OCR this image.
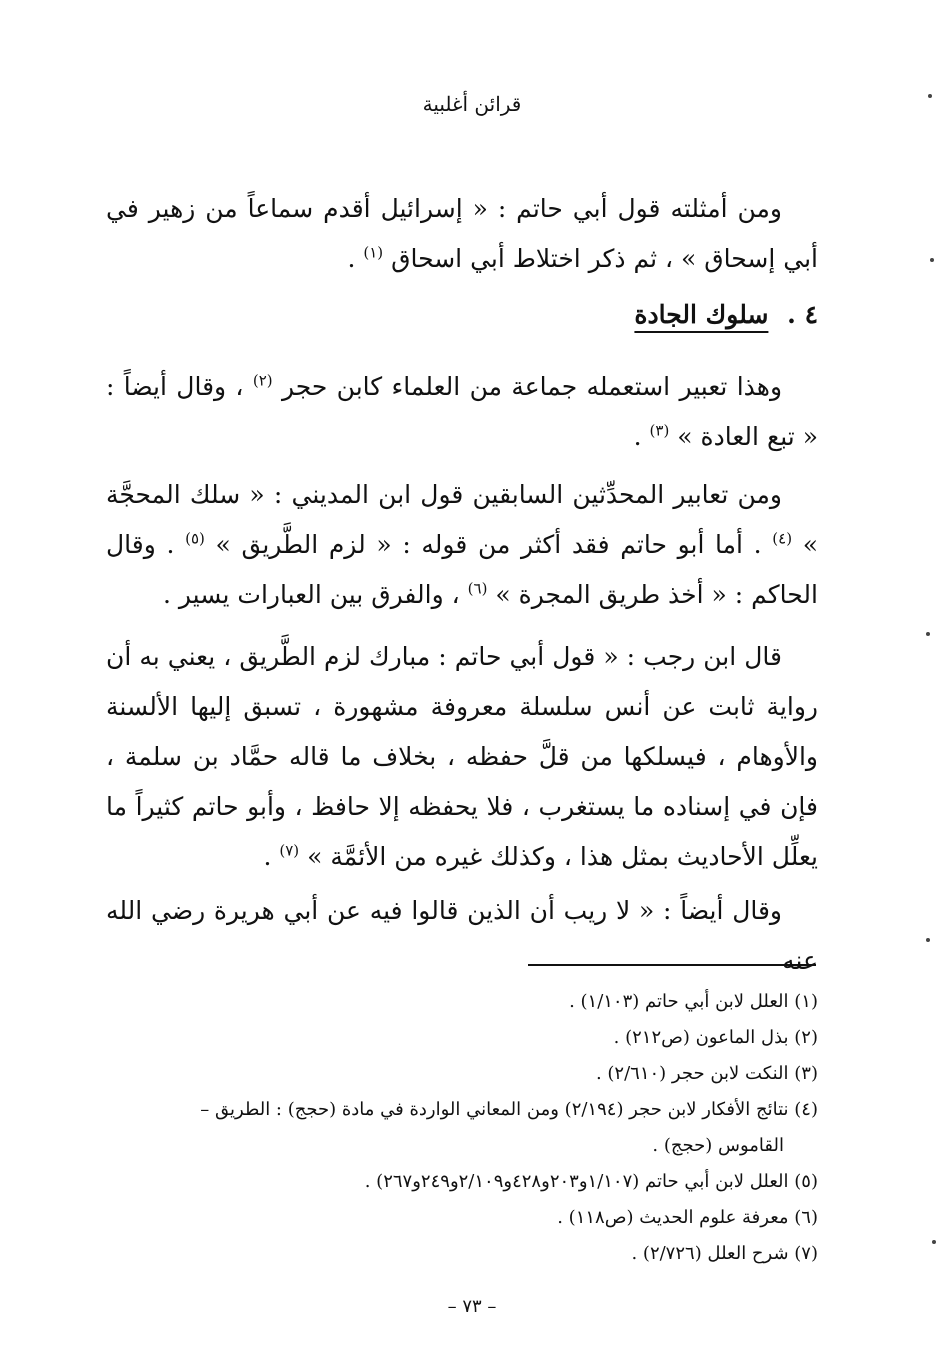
قرائن أغلبية

ومن أمثلته قول أبي حاتم : « إسرائيل أقدم سماعاً من زهير في أبي إسحاق » ، ثم ذكر اختلاط أبي اسحاق $^{(١)}$ .

٤ . سلوك الجادة

وهذا تعبير استعمله جماعة من العلماء كابن حجر $^{(٢)}$ ، وقال أيضاً : « تبع العادة » $^{(٣)}$ .

ومن تعابير المحدِّثين السابقين قول ابن المديني : « سلك المحجَّة » $^{(٤)}$ . أما أبو حاتم فقد أكثر من قوله : « لزم الطَّريق » $^{(٥)}$ . وقال الحاكم : « أخذ طريق المجرة » $^{(٦)}$ ، والفرق بين العبارات يسير .

قال ابن رجب : « قول أبي حاتم : مبارك لزم الطَّريق ، يعني به أن رواية ثابت عن أنس سلسلة معروفة مشهورة ، تسبق إليها الألسنة والأوهام ، فيسلكها من قلَّ حفظه ، بخلاف ما قاله حمَّاد بن سلمة ، فإن في إسناده ما يستغرب ، فلا يحفظه إلا حافظ ، وأبو حاتم كثيراً ما يعلِّل الأحاديث بمثل هذا ، وكذلك غيره من الأئمَّة » $^{(٧)}$ .

وقال أيضاً : « لا ريب أن الذين قالوا فيه عن أبي هريرة رضي الله عنه

(١) العلل لابن أبي حاتم (١/١٠٣) .

(٢) بذل الماعون (ص٢١٢) .

(٣) النكت لابن حجر (٢/٦١٠) .

(٤) نتائج الأفكار لابن حجر (٢/١٩٤) ومن المعاني الواردة في مادة (حجج) : الطريق –
القاموس (حجج) .

(٥) العلل لابن أبي حاتم (١/١٠٧و٢٠٣و٤٢٨و٢/١٠٩و٢٤٩و٢٦٧) .

(٦) معرفة علوم الحديث (ص١١٨) .

(٧) شرح العلل (٢/٧٢٦) .

– ٧٣ –
